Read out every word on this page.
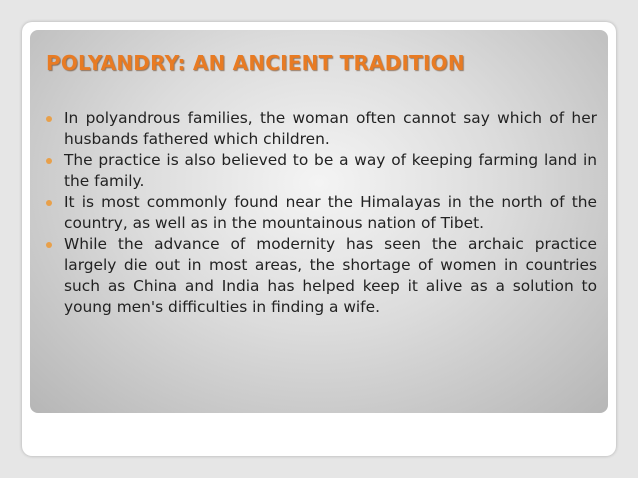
POLYANDRY: AN ANCIENT TRADITION
In polyandrous families, the woman often cannot say which of her husbands fathered which children.
The practice is also believed to be a way of keeping farming land in the family.
It is most commonly found near the Himalayas in the north of the country, as well as in the mountainous nation of Tibet.
While the advance of modernity has seen the archaic practice largely die out in most areas, the shortage of women in countries such as China and India has helped keep it alive as a solution to young men's difficulties in finding a wife.
